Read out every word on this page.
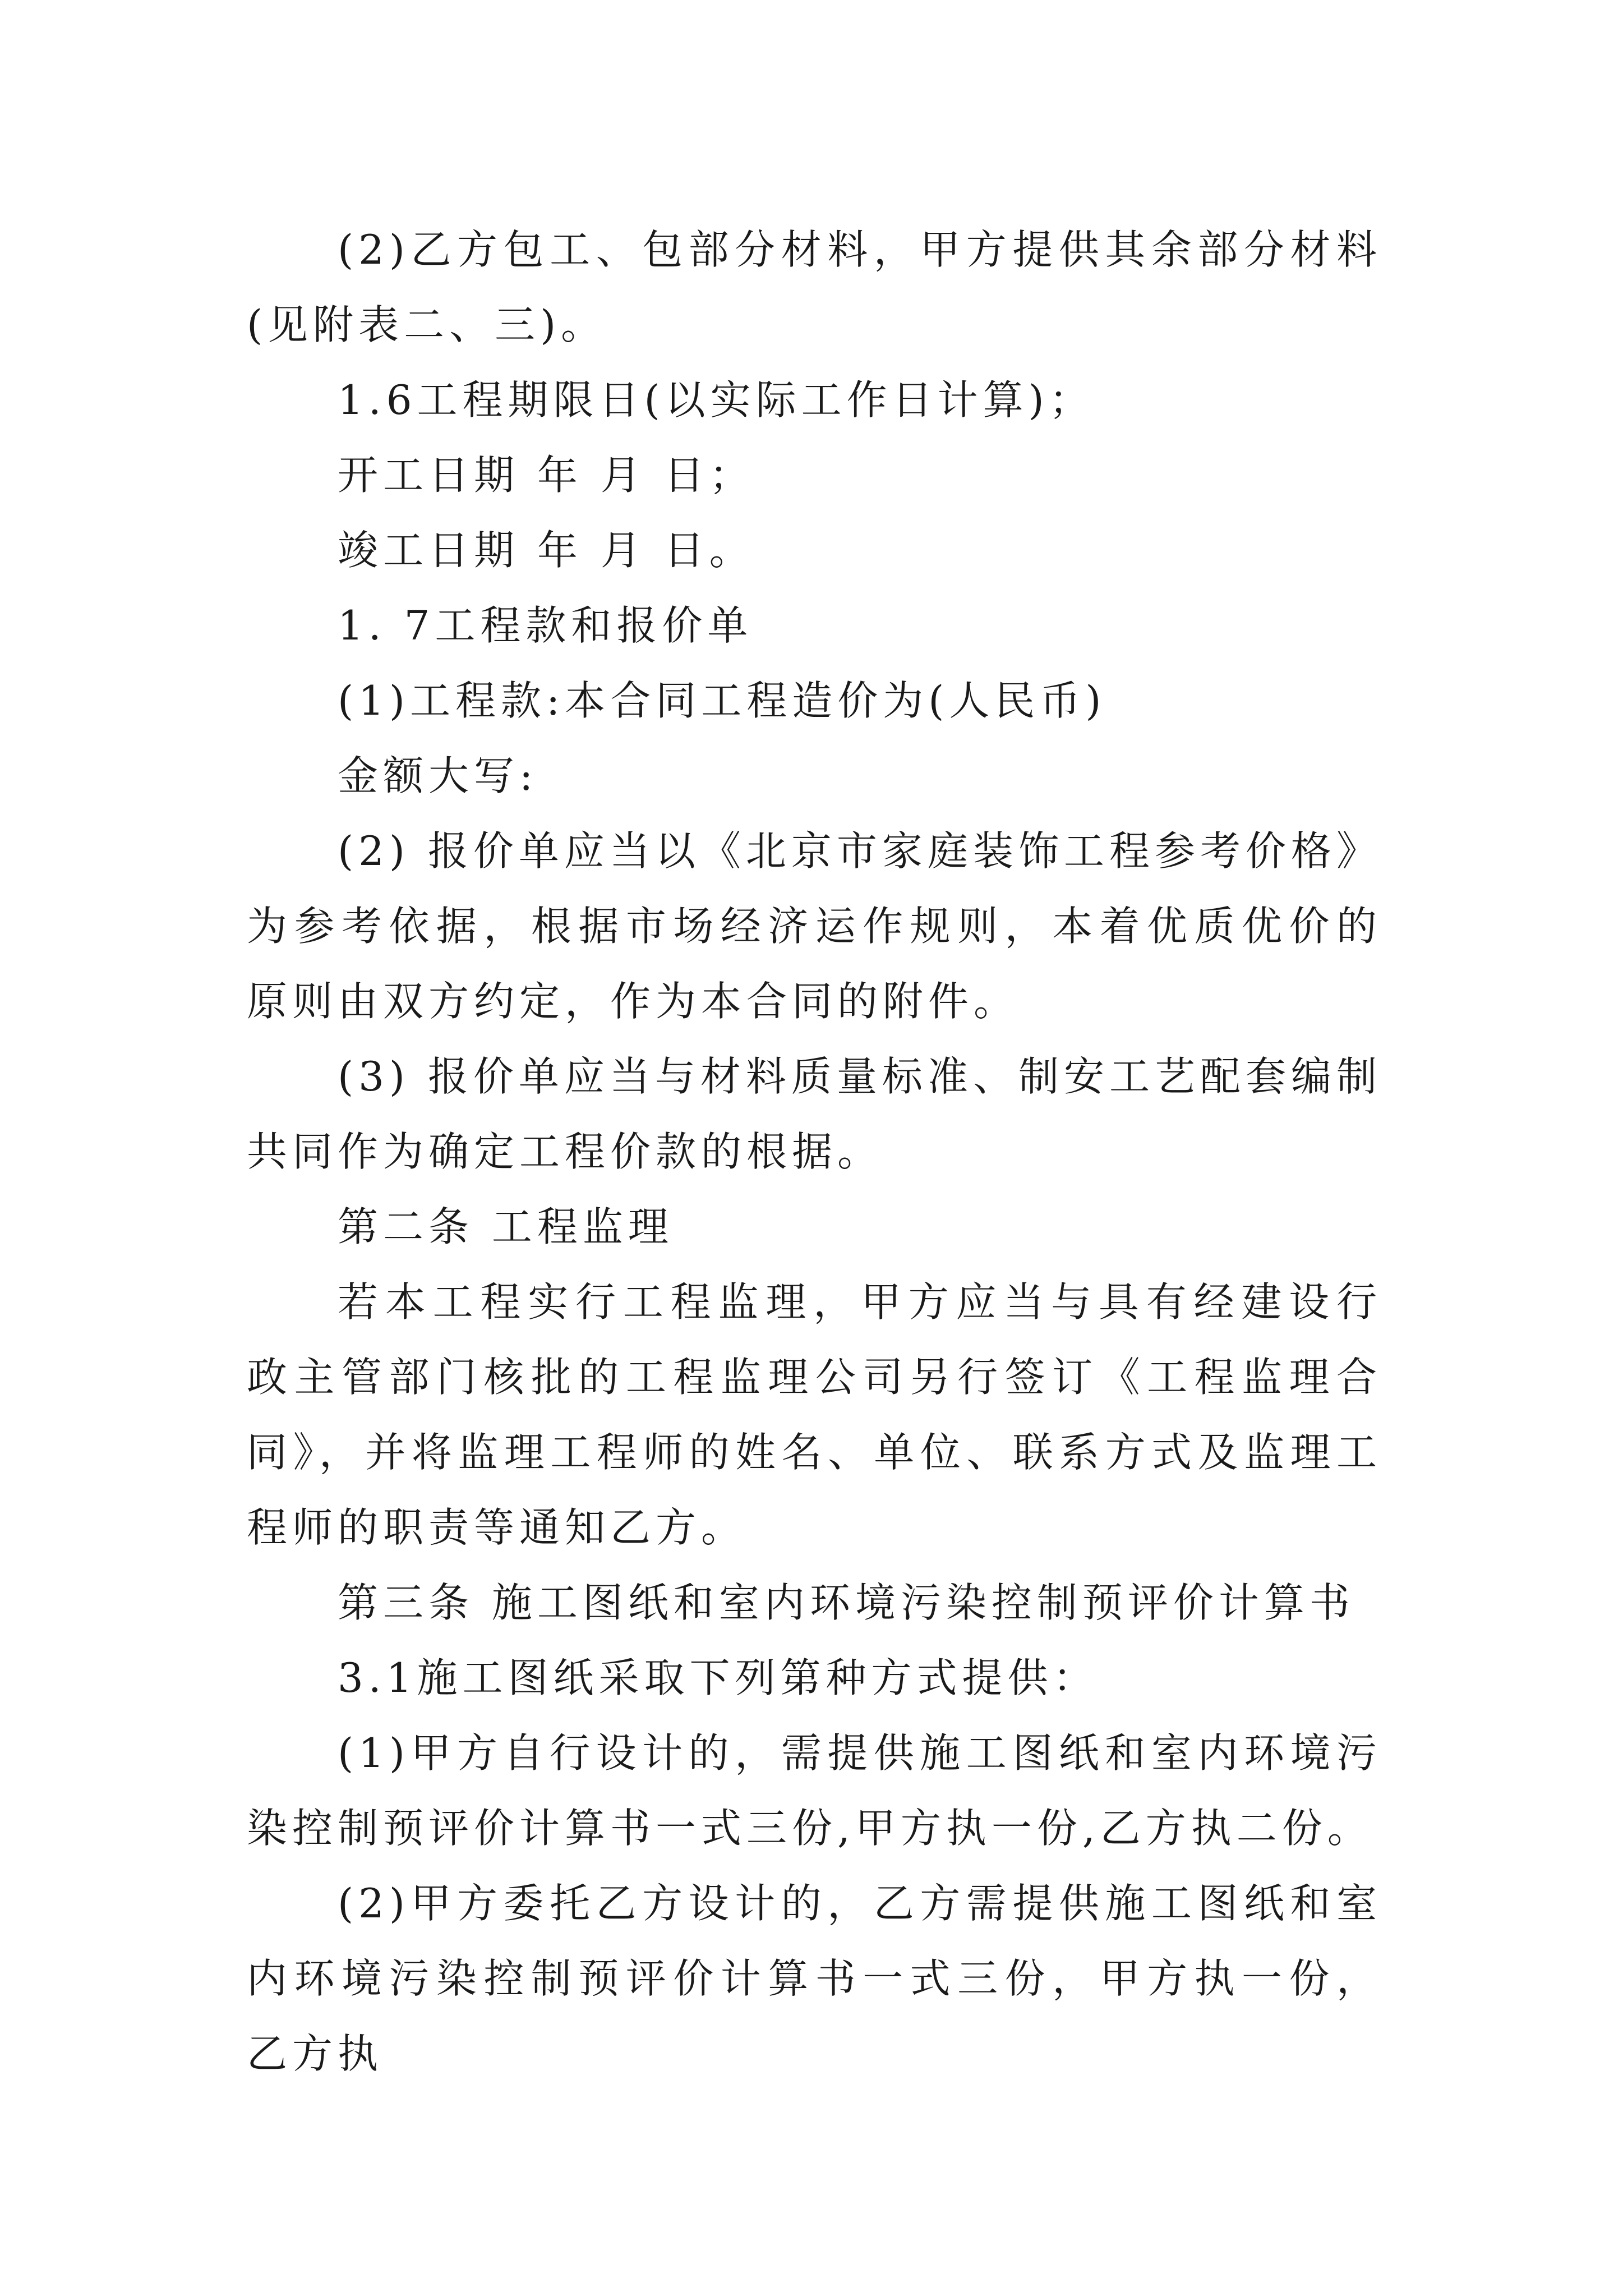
(2)乙方包工、包部分材料，甲方提供其余部分材料(见附表二、三)。

1.6工程期限日(以实际工作日计算)；

开工日期 年 月 日；

竣工日期 年 月 日。

1. 7工程款和报价单

(1)工程款:本合同工程造价为(人民币)

金额大写:

(2) 报价单应当以《北京市家庭装饰工程参考价格》为参考依据，根据市场经济运作规则，本着优质优价的原则由双方约定，作为本合同的附件。

(3) 报价单应当与材料质量标准、制安工艺配套编制共同作为确定工程价款的根据。

第二条 工程监理

若本工程实行工程监理，甲方应当与具有经建设行政主管部门核批的工程监理公司另行签订《工程监理合同》，并将监理工程师的姓名、单位、联系方式及监理工程师的职责等通知乙方。

第三条 施工图纸和室内环境污染控制预评价计算书

3.1施工图纸采取下列第种方式提供：

(1)甲方自行设计的，需提供施工图纸和室内环境污染控制预评价计算书一式三份,甲方执一份,乙方执二份。

(2)甲方委托乙方设计的，乙方需提供施工图纸和室内环境污染控制预评价计算书一式三份，甲方执一份，乙方执
